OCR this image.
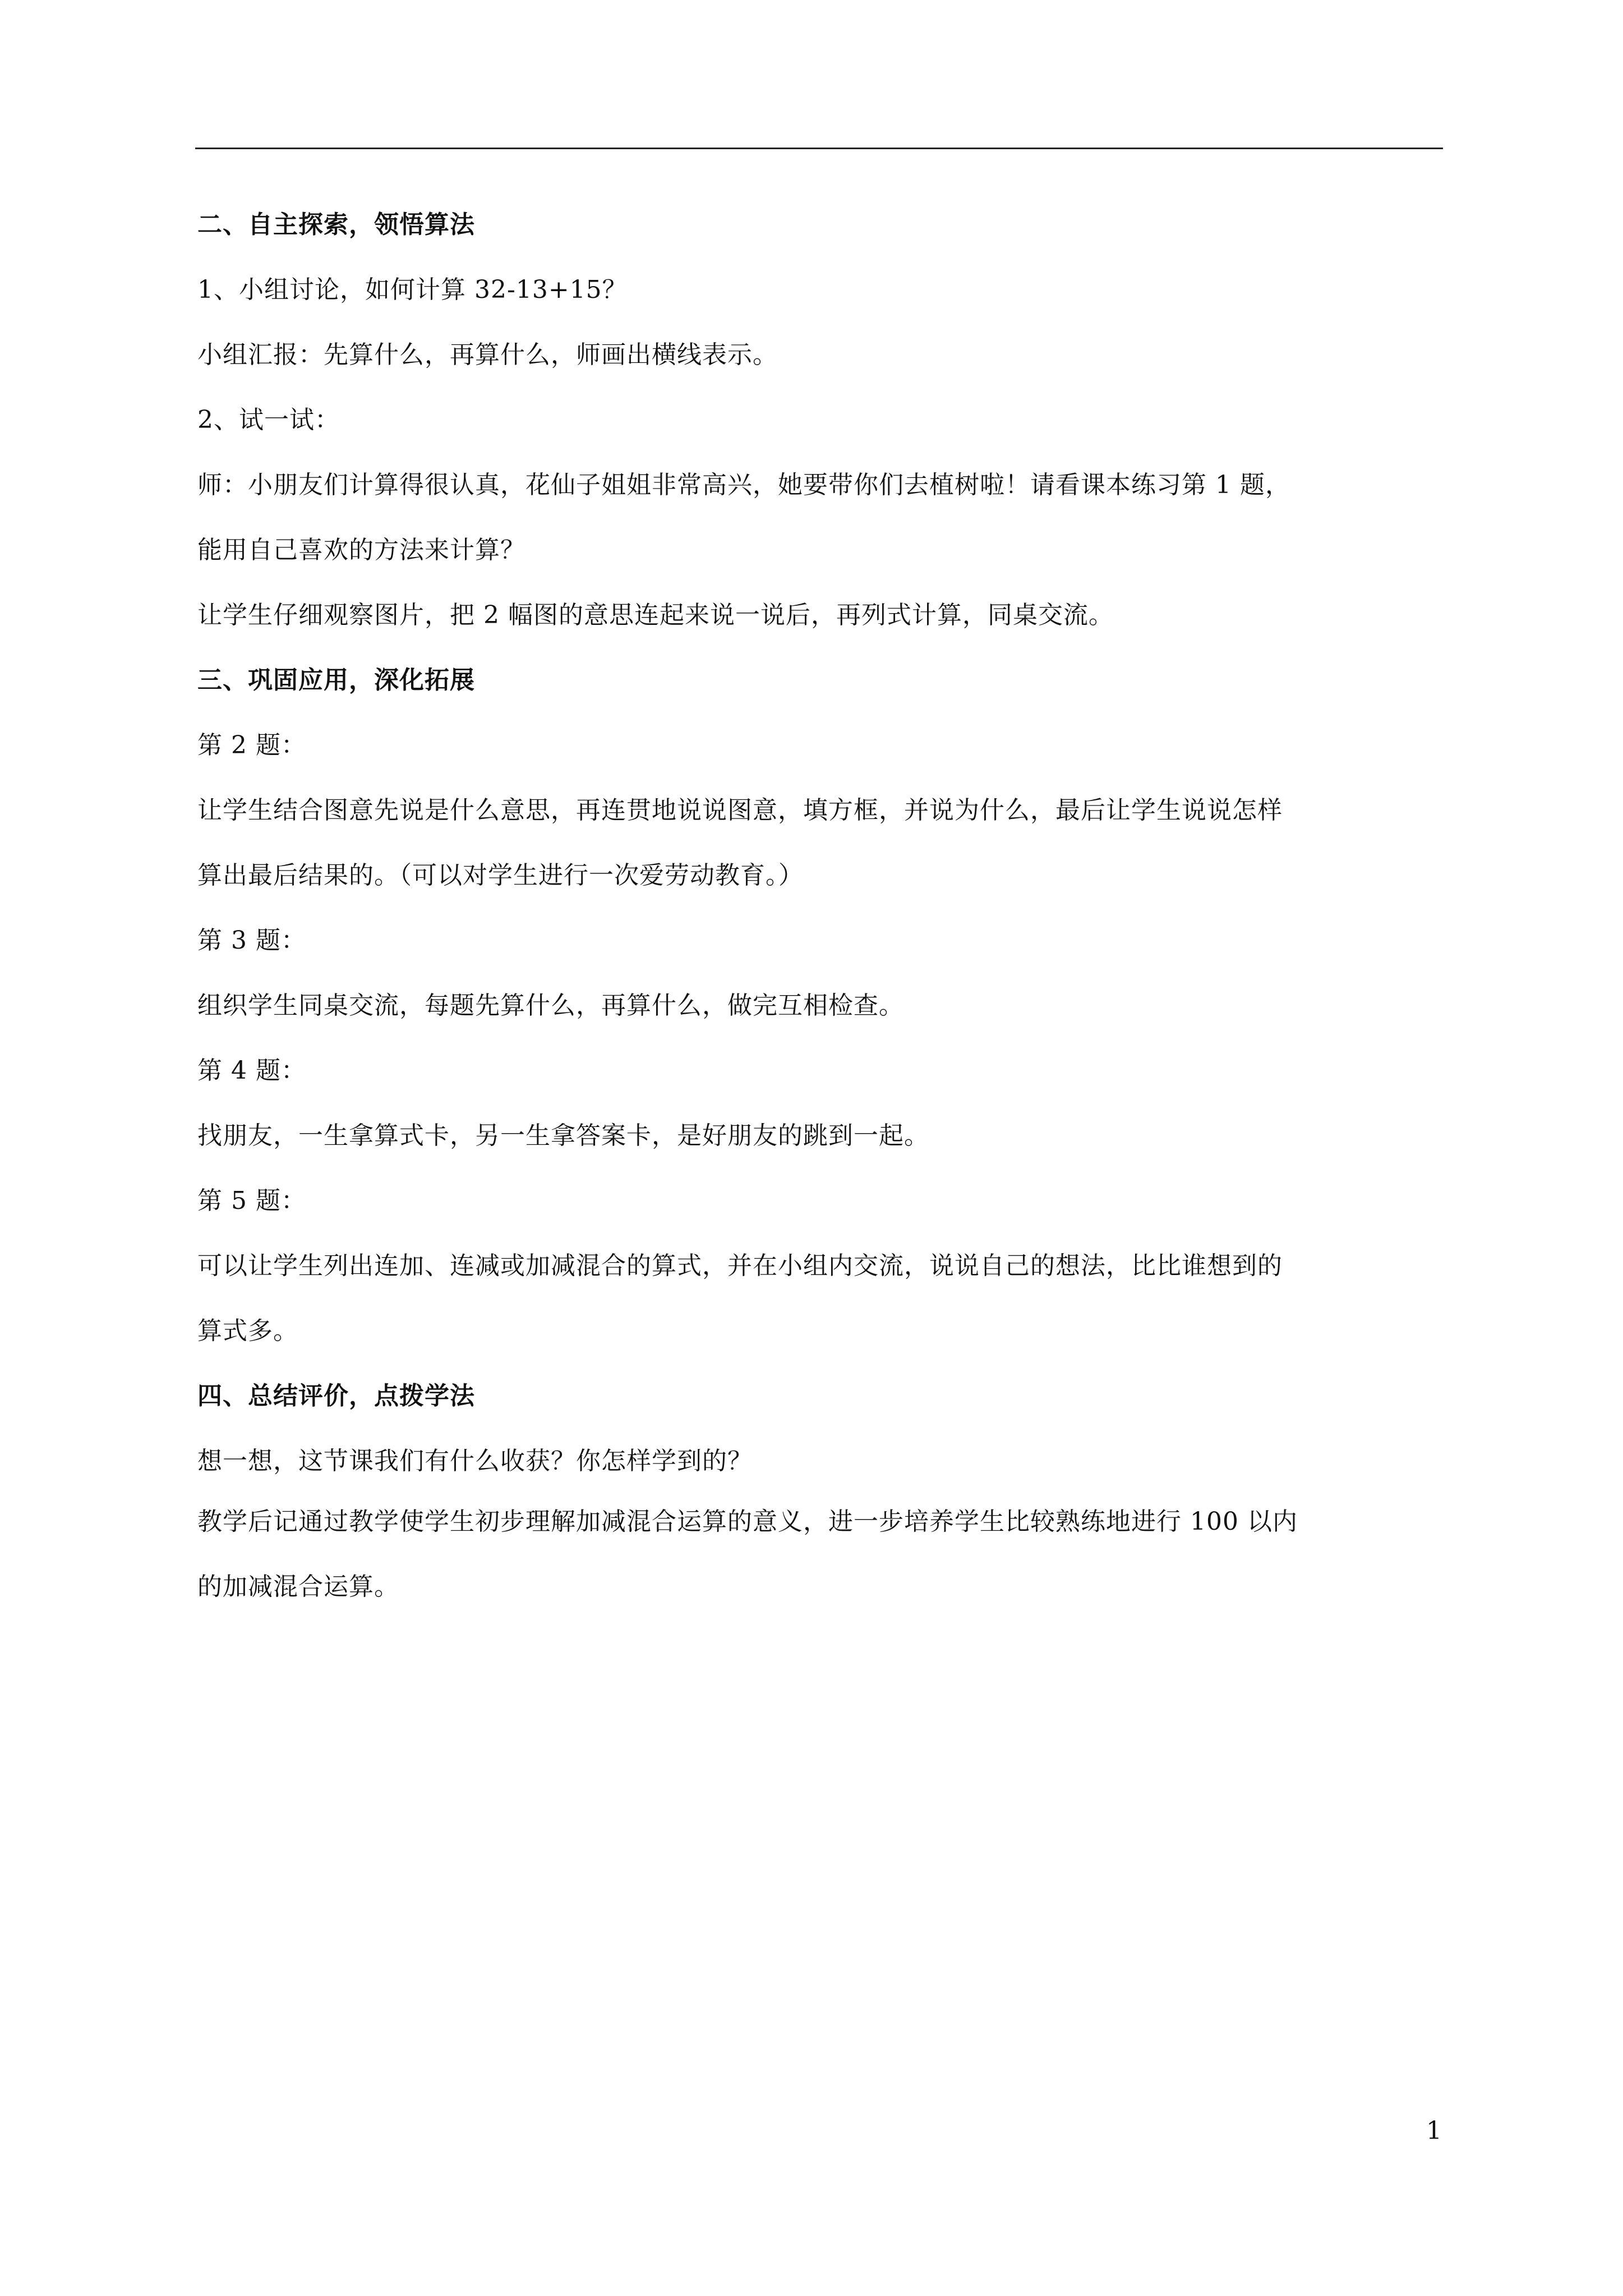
二、自主探索，领悟算法

1、小组讨论，如何计算 32-13+15？

小组汇报：先算什么，再算什么，师画出横线表示。

2、试一试：

师：小朋友们计算得很认真，花仙子姐姐非常高兴，她要带你们去植树啦！请看课本练习第 1 题，

能用自己喜欢的方法来计算？

让学生仔细观察图片，把 2 幅图的意思连起来说一说后，再列式计算，同桌交流。

三、巩固应用，深化拓展

第 2 题：

让学生结合图意先说是什么意思，再连贯地说说图意，填方框，并说为什么，最后让学生说说怎样

算出最后结果的。（可以对学生进行一次爱劳动教育。）

第 3 题：

组织学生同桌交流，每题先算什么，再算什么，做完互相检查。

第 4 题：

找朋友，一生拿算式卡，另一生拿答案卡，是好朋友的跳到一起。

第 5 题：

可以让学生列出连加、连减或加减混合的算式，并在小组内交流，说说自己的想法，比比谁想到的

算式多。

四、总结评价，点拨学法

想一想，这节课我们有什么收获？你怎样学到的？

教学后记通过教学使学生初步理解加减混合运算的意义，进一步培养学生比较熟练地进行 100 以内

的加减混合运算。

1
